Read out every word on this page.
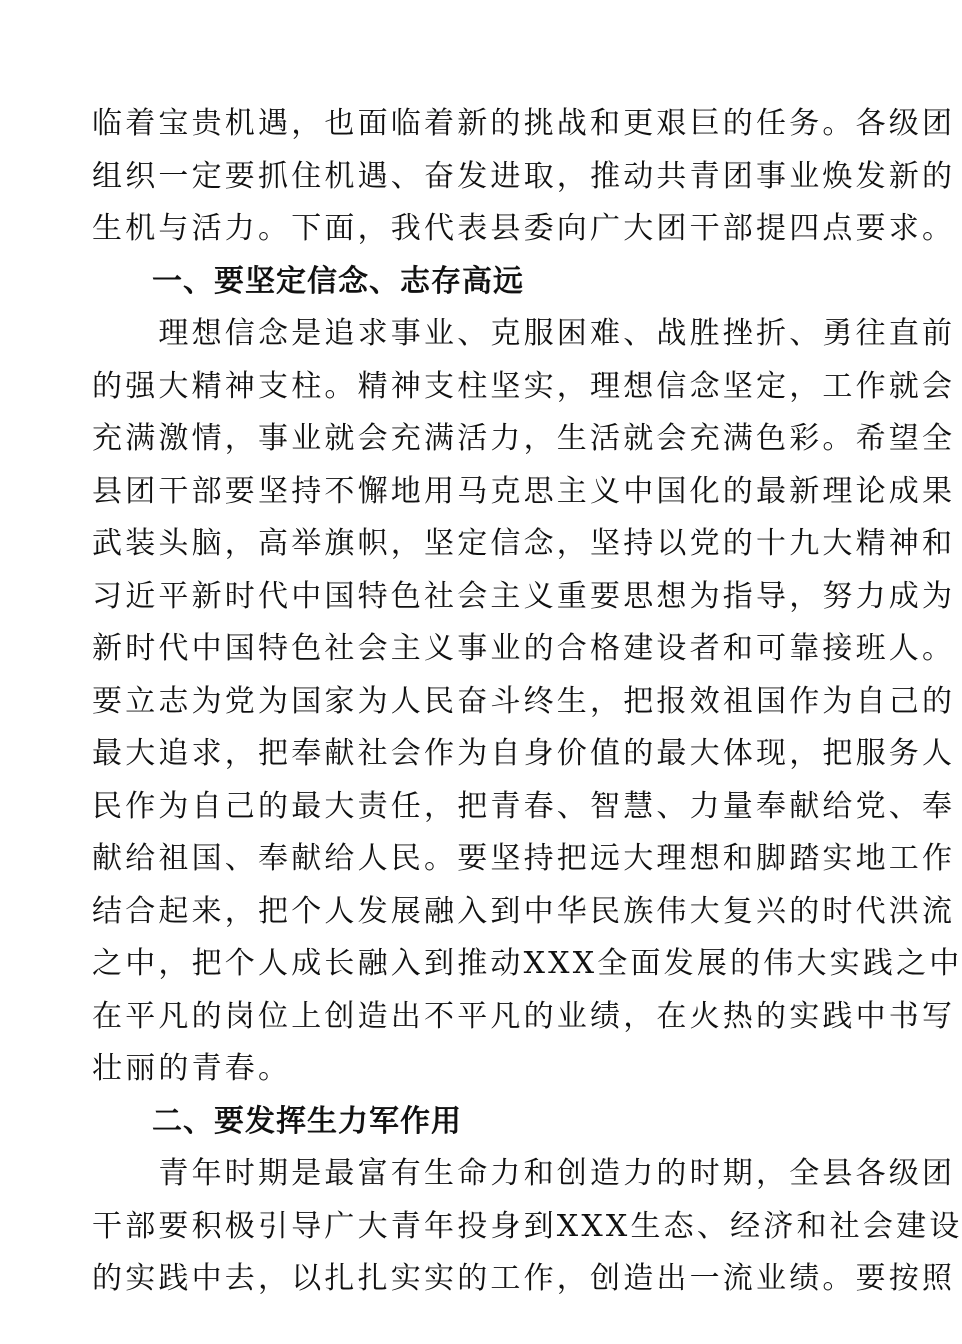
临着宝贵机遇，也面临着新的挑战和更艰巨的任务。各级团
组织一定要抓住机遇、奋发进取，推动共青团事业焕发新的
生机与活力。下面，我代表县委向广大团干部提四点要求。
一、要坚定信念、志存高远
　　理想信念是追求事业、克服困难、战胜挫折、勇往直前
的强大精神支柱。精神支柱坚实，理想信念坚定，工作就会
充满激情，事业就会充满活力，生活就会充满色彩。希望全
县团干部要坚持不懈地用马克思主义中国化的最新理论成果
武装头脑，高举旗帜，坚定信念，坚持以党的十九大精神和
习近平新时代中国特色社会主义重要思想为指导，努力成为
新时代中国特色社会主义事业的合格建设者和可靠接班人。
要立志为党为国家为人民奋斗终生，把报效祖国作为自己的
最大追求，把奉献社会作为自身价值的最大体现，把服务人
民作为自己的最大责任，把青春、智慧、力量奉献给党、奉
献给祖国、奉献给人民。要坚持把远大理想和脚踏实地工作
结合起来，把个人发展融入到中华民族伟大复兴的时代洪流
之中，把个人成长融入到推动XXX全面发展的伟大实践之中
在平凡的岗位上创造出不平凡的业绩，在火热的实践中书写
壮丽的青春。
二、要发挥生力军作用
　　青年时期是最富有生命力和创造力的时期，全县各级团
干部要积极引导广大青年投身到XXX生态、经济和社会建设
的实践中去，以扎扎实实的工作，创造出一流业绩。要按照
